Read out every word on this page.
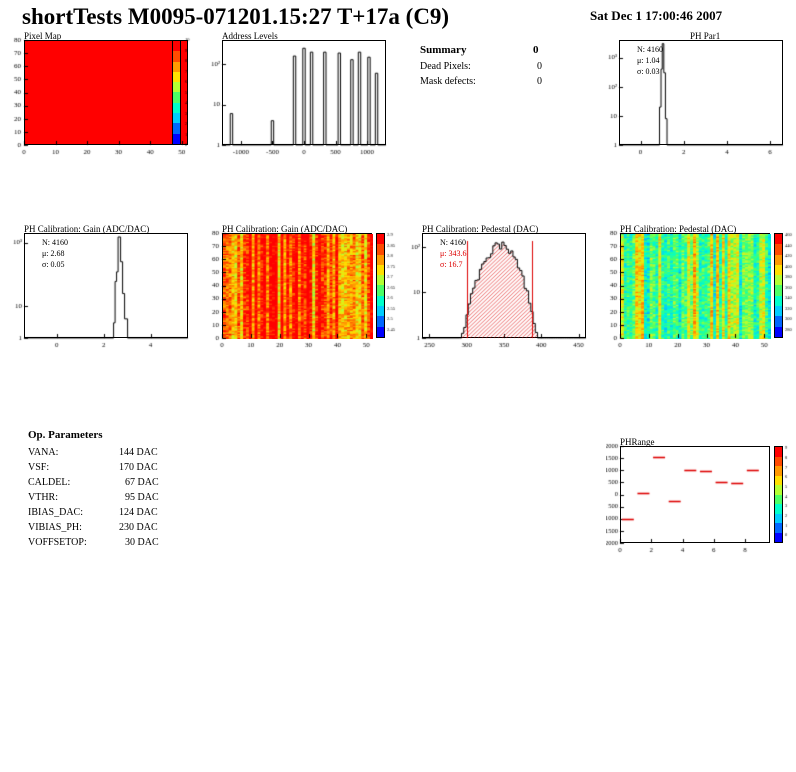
shortTests M0095-071201.15:27 T+17a (C9)	Sat Dec 1 17:00:46 2007
Summary	0
Dead Pixels:	0
Mask defects:	0
Op. Parameters
VANA:	144 DAC
VSF:	170 DAC
CALDEL:	67 DAC
VTHR:	95 DAC
IBIAS_DAC:	124 DAC
VIBIAS_PH:	230 DAC
VOFFSETOP:	30 DAC
